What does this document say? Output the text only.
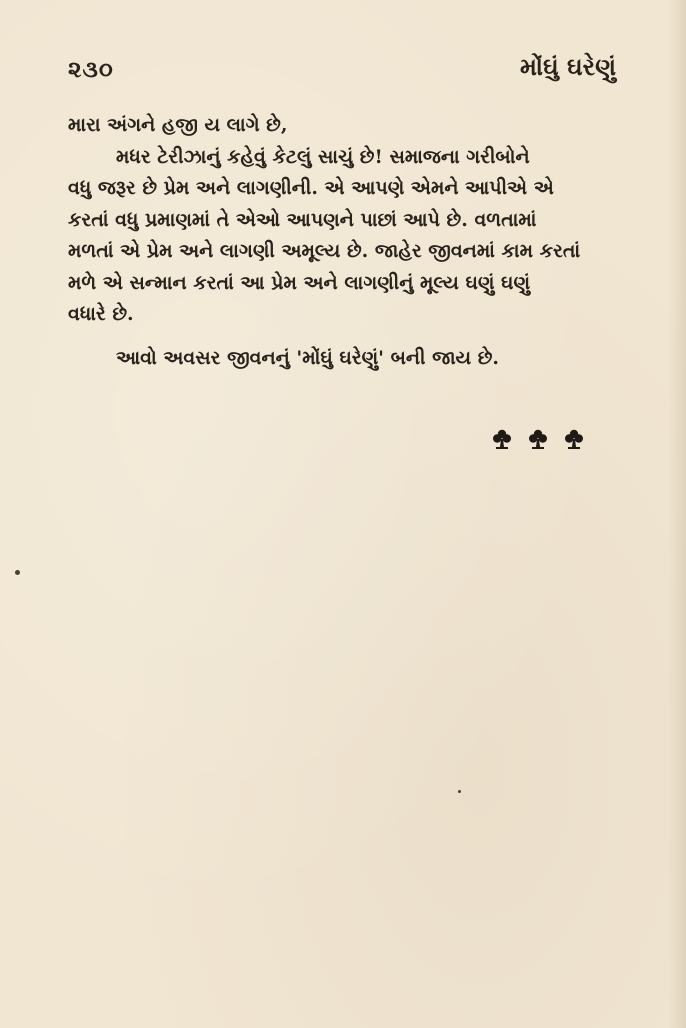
૨૩૦	મોંઘું ઘરેણું
મારા અંગને હજી ય લાગે છે,
મધર ટેરીઝાનું કહેવું કેટલું સાચું છે! સમાજના ગરીબોને
વધુ જરૂર છે પ્રેમ અને લાગણીની. એ આપણે એમને આપીએ એ
કરતાં વધુ પ્રમાણમાં તે એઓ આપણને પાછાં આપે છે. વળતામાં
મળતાં એ પ્રેમ અને લાગણી અમૂલ્ય છે. જાહેર જીવનમાં કામ કરતાં
મળે એ સન્માન કરતાં આ પ્રેમ અને લાગણીનું મૂલ્ય ઘણું ઘણું
વધારે છે.
આવો અવસર જીવનનું 'મોંઘું ઘરેણું' બની જાય છે.
